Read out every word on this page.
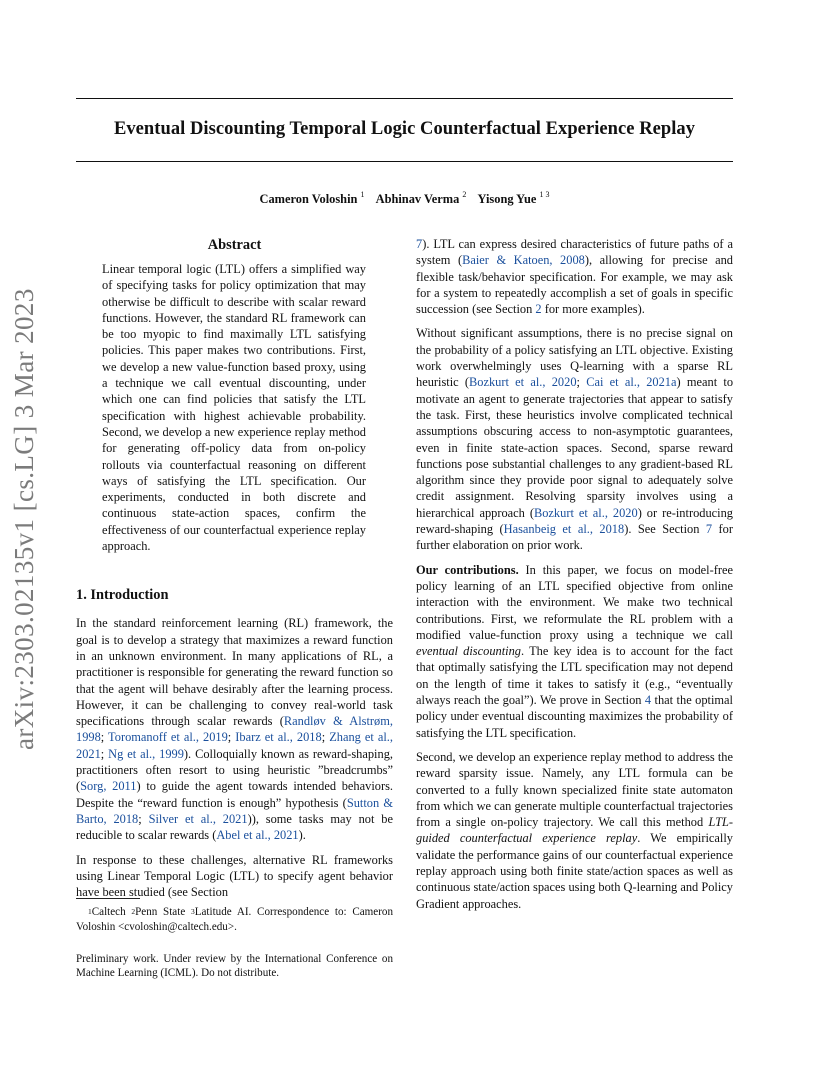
Eventual Discounting Temporal Logic Counterfactual Experience Replay
Cameron Voloshin $^1$ Abhinav Verma $^2$ Yisong Yue $^{1 3}$
arXiv:2303.02135v1 [cs.LG] 3 Mar 2023
Abstract

Linear temporal logic (LTL) offers a simplified way of specifying tasks for policy optimization that may otherwise be difficult to describe with scalar reward functions. However, the standard RL framework can be too myopic to find maximally LTL satisfying policies. This paper makes two contributions. First, we develop a new value-function based proxy, using a technique we call eventual discounting, under which one can find policies that satisfy the LTL specification with highest achievable probability. Second, we develop a new experience replay method for generating off-policy data from on-policy rollouts via counterfactual reasoning on different ways of satisfying the LTL specification. Our experiments, conducted in both discrete and continuous state-action spaces, confirm the effectiveness of our counterfactual experience replay approach.

1. Introduction

In the standard reinforcement learning (RL) framework, the goal is to develop a strategy that maximizes a reward function in an unknown environment. In many applications of RL, a practitioner is responsible for generating the reward function so that the agent will behave desirably after the learning process. However, it can be challenging to convey real-world task specifications through scalar rewards (Randløv & Alstrøm, 1998; Toromanoff et al., 2019; Ibarz et al., 2018; Zhang et al., 2021; Ng et al., 1999). Colloquially known as reward-shaping, practitioners often resort to using heuristic ”breadcrumbs” (Sorg, 2011) to guide the agent towards intended behaviors. Despite the “reward function is enough” hypothesis (Sutton & Barto, 2018; Silver et al., 2021)), some tasks may not be reducible to scalar rewards (Abel et al., 2021).

In response to these challenges, alternative RL frameworks using Linear Temporal Logic (LTL) to specify agent behavior have been studied (see Section

7). LTL can express desired characteristics of future paths of a system (Baier & Katoen, 2008), allowing for precise and flexible task/behavior specification. For example, we may ask for a system to repeatedly accomplish a set of goals in specific succession (see Section 2 for more examples).

Without significant assumptions, there is no precise signal on the probability of a policy satisfying an LTL objective. Existing work overwhelmingly uses Q-learning with a sparse RL heuristic (Bozkurt et al., 2020; Cai et al., 2021a) meant to motivate an agent to generate trajectories that appear to satisfy the task. First, these heuristics involve complicated technical assumptions obscuring access to non-asymptotic guarantees, even in finite state-action spaces. Second, sparse reward functions pose substantial challenges to any gradient-based RL algorithm since they provide poor signal to adequately solve credit assignment. Resolving sparsity involves using a hierarchical approach (Bozkurt et al., 2020) or re-introducing reward-shaping (Hasanbeig et al., 2018). See Section 7 for further elaboration on prior work.

Our contributions. In this paper, we focus on model-free policy learning of an LTL specified objective from online interaction with the environment. We make two technical contributions. First, we reformulate the RL problem with a modified value-function proxy using a technique we call eventual discounting. The key idea is to account for the fact that optimally satisfying the LTL specification may not depend on the length of time it takes to satisfy it (e.g., “eventually always reach the goal”). We prove in Section 4 that the optimal policy under eventual discounting maximizes the probability of satisfying the LTL specification.

Second, we develop an experience replay method to address the reward sparsity issue. Namely, any LTL formula can be converted to a fully known specialized finite state automaton from which we can generate multiple counterfactual trajectories from a single on-policy trajectory. We call this method LTL-guided counterfactual experience replay. We empirically validate the performance gains of our counterfactual experience replay approach using both finite state/action spaces as well as continuous state/action spaces using both Q-learning and Policy Gradient approaches.

1Caltech 2Penn State 3Latitude AI. Correspondence to: Cameron Voloshin <cvoloshin@caltech.edu>.

Preliminary work. Under review by the International Conference on Machine Learning (ICML). Do not distribute.
